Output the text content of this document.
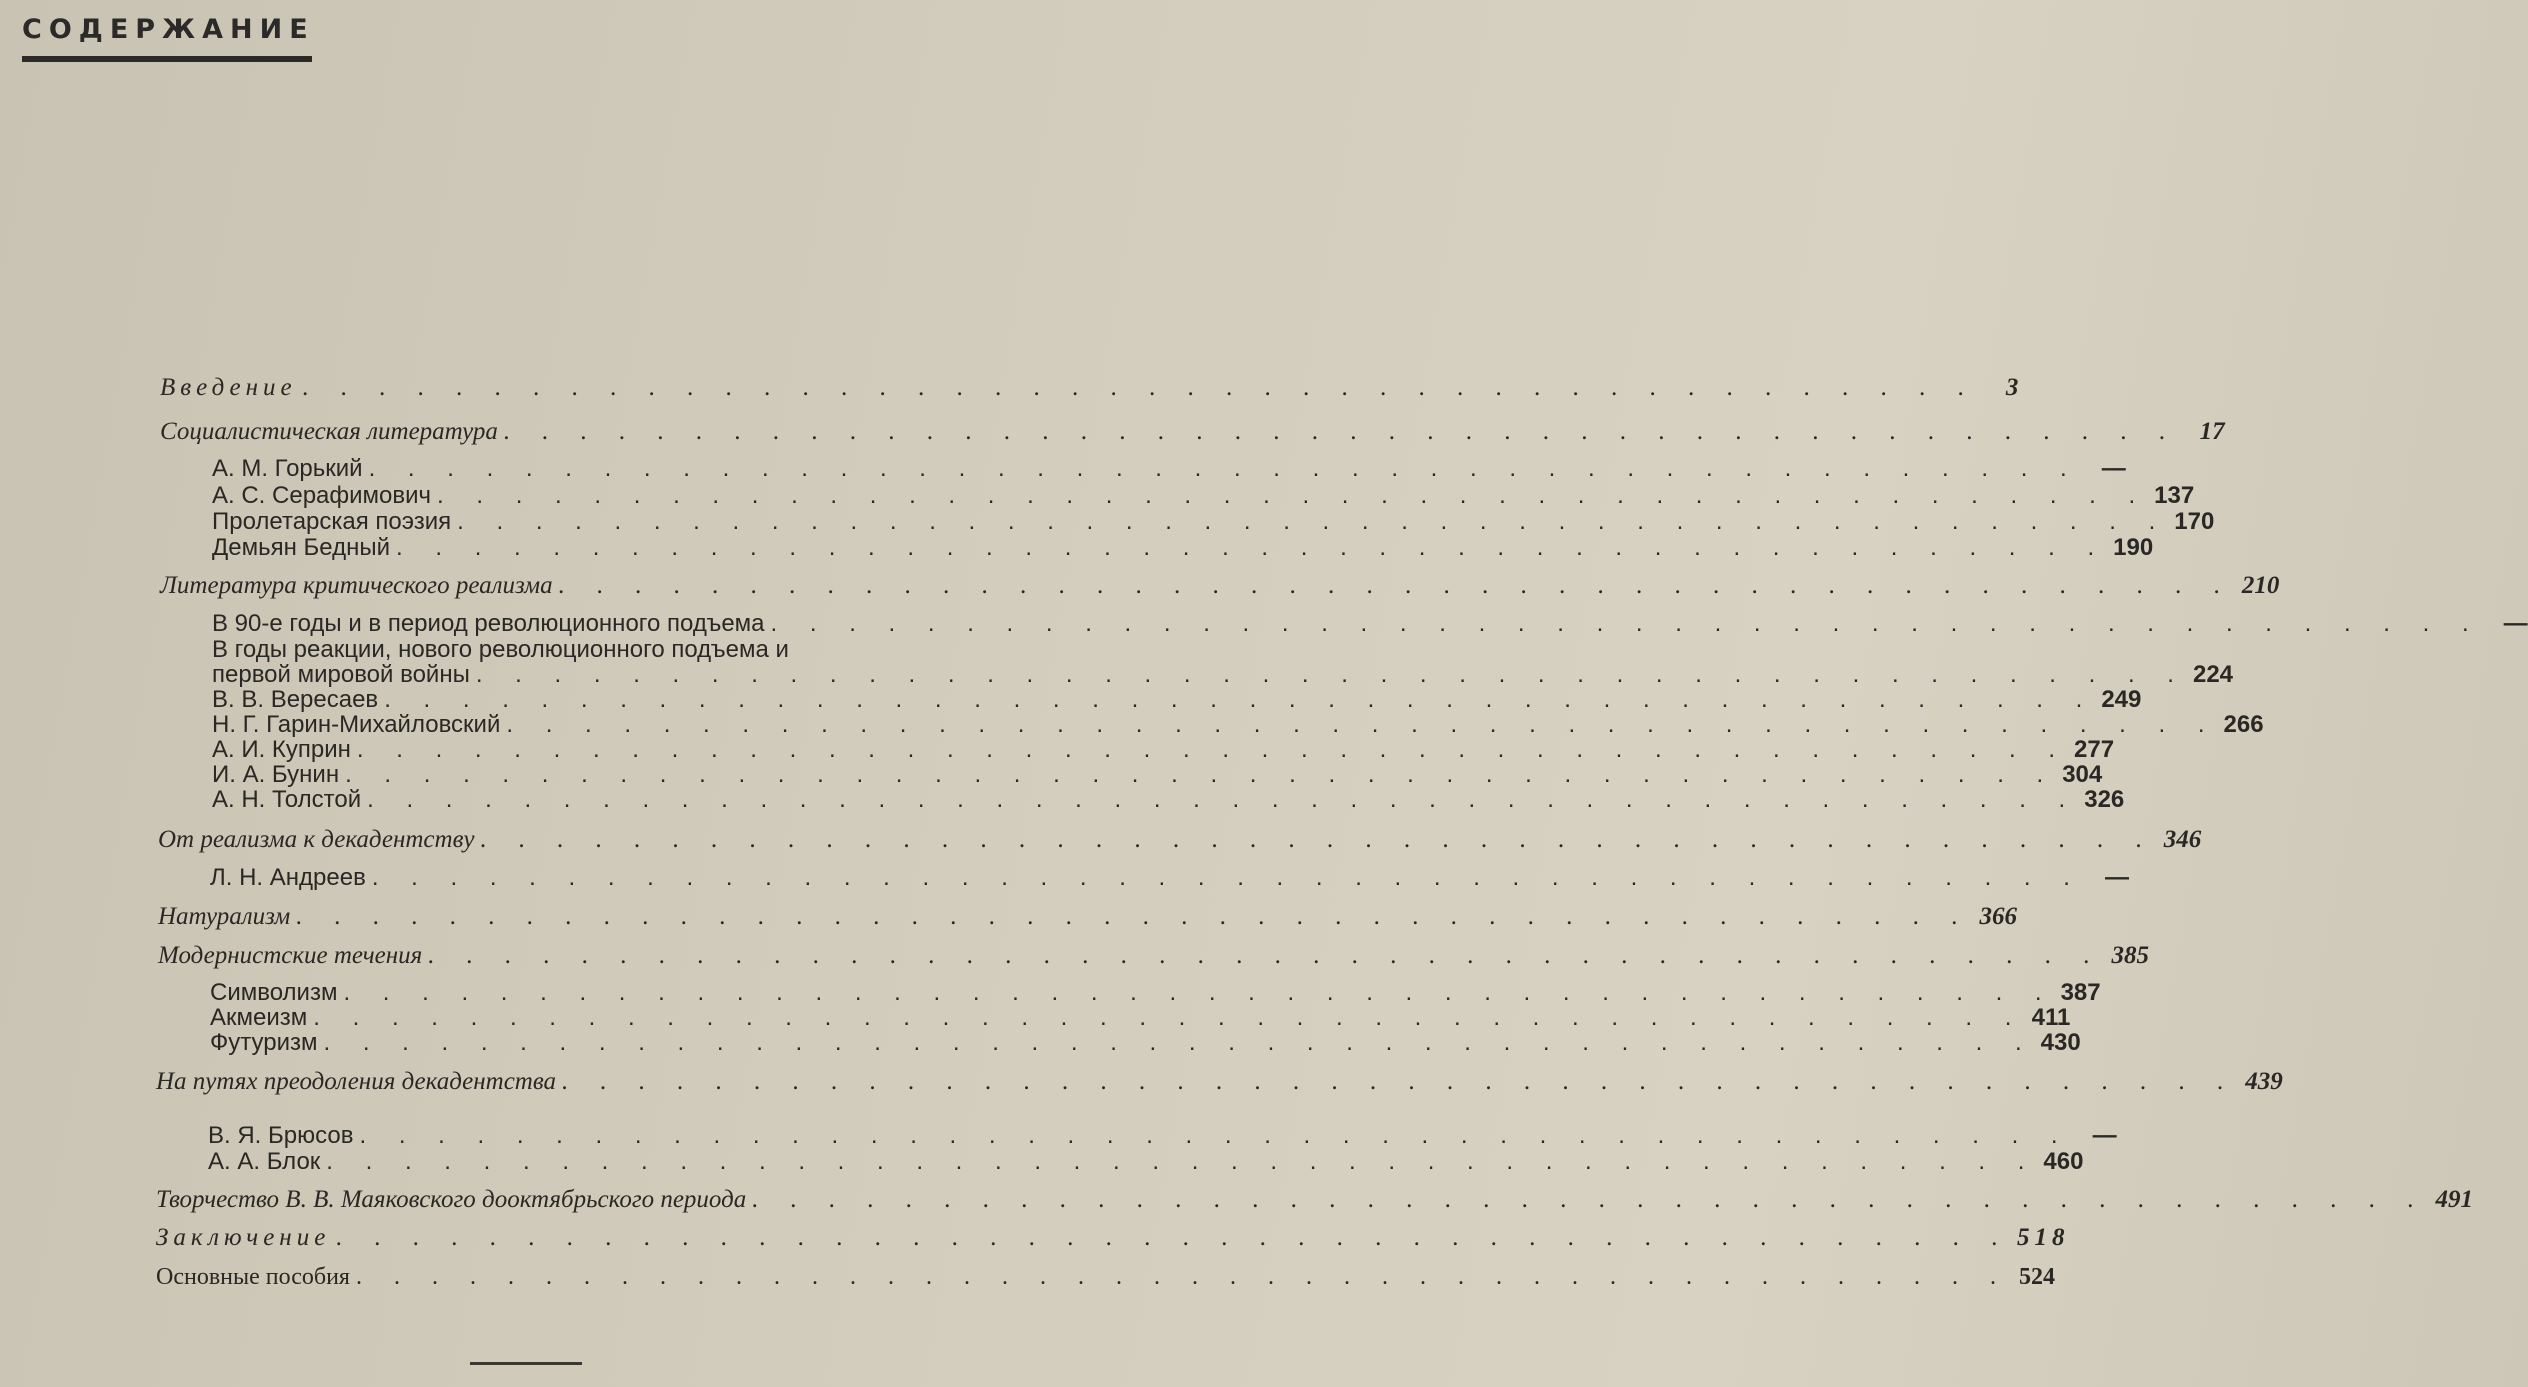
СОДЕРЖАНИЕ
Введение . . . . . . . . . . . . . . . . . . . . . . . . . . . . . . . . . . . . . . . . . . . .	3
Социалистическая литература . . . . . . . . . . . . . . . . . . . . . . . . . . . . . . . . . . . . . . . . . . . . 17
А. М. Горький . . . . . . . . . . . . . . . . . . . . . . . . . . . . . . . . . . . . . . . . . . . . —
А. С. Серафимович . . . . . . . . . . . . . . . . . . . . . . . . . . . . . . . . . . . . . . . . . . . . 137
Пролетарская поэзия . . . . . . . . . . . . . . . . . . . . . . . . . . . . . . . . . . . . . . . . . . . . 170
Демьян Бедный . . . . . . . . . . . . . . . . . . . . . . . . . . . . . . . . . . . . . . . . . . . . 190
Литература критического реализма . . . . . . . . . . . . . . . . . . . . . . . . . . . . . . . . . . . . . . . . . . . . 210
В 90-е годы и в период революционного подъема . . . . . . . . . . . . . . . . . . . . . . . . . . . . . . . . . . . . . . . . . . . . —
В годы реакции, нового революционного подъема и
первой мировой войны . . . . . . . . . . . . . . . . . . . . . . . . . . . . . . . . . . . . . . . . . . . . 224
В. В. Вересаев . . . . . . . . . . . . . . . . . . . . . . . . . . . . . . . . . . . . . . . . . . . . 249
Н. Г. Гарин-Михайловский . . . . . . . . . . . . . . . . . . . . . . . . . . . . . . . . . . . . . . . . . . . . 266
А. И. Куприн . . . . . . . . . . . . . . . . . . . . . . . . . . . . . . . . . . . . . . . . . . . . 277
И. А. Бунин . . . . . . . . . . . . . . . . . . . . . . . . . . . . . . . . . . . . . . . . . . . . 304
А. Н. Толстой . . . . . . . . . . . . . . . . . . . . . . . . . . . . . . . . . . . . . . . . . . . . 326
От реализма к декадентству . . . . . . . . . . . . . . . . . . . . . . . . . . . . . . . . . . . . . . . . . . . . 346
Л. Н. Андреев . . . . . . . . . . . . . . . . . . . . . . . . . . . . . . . . . . . . . . . . . . . . —
Натурализм . . . . . . . . . . . . . . . . . . . . . . . . . . . . . . . . . . . . . . . . . . . . 366
Модернистские течения . . . . . . . . . . . . . . . . . . . . . . . . . . . . . . . . . . . . . . . . . . . . 385
Символизм . . . . . . . . . . . . . . . . . . . . . . . . . . . . . . . . . . . . . . . . . . . . 387
Акмеизм . . . . . . . . . . . . . . . . . . . . . . . . . . . . . . . . . . . . . . . . . . . . 411
Футуризм . . . . . . . . . . . . . . . . . . . . . . . . . . . . . . . . . . . . . . . . . . . . 430
На путях преодоления декадентства . . . . . . . . . . . . . . . . . . . . . . . . . . . . . . . . . . . . . . . . . . . . 439
В. Я. Брюсов . . . . . . . . . . . . . . . . . . . . . . . . . . . . . . . . . . . . . . . . . . . . —
А. А. Блок . . . . . . . . . . . . . . . . . . . . . . . . . . . . . . . . . . . . . . . . . . . . 460
Творчество В. В. Маяковского дооктябрьского периода . . . . . . . . . . . . . . . . . . . . . . . . . . . . . . . . . . . . . . . . . . . . 491
Заключение . . . . . . . . . . . . . . . . . . . . . . . . . . . . . . . . . . . . . . . . . . . . 518
Основные пособия . . . . . . . . . . . . . . . . . . . . . . . . . . . . . . . . . . . . . . . . . . . . 524
